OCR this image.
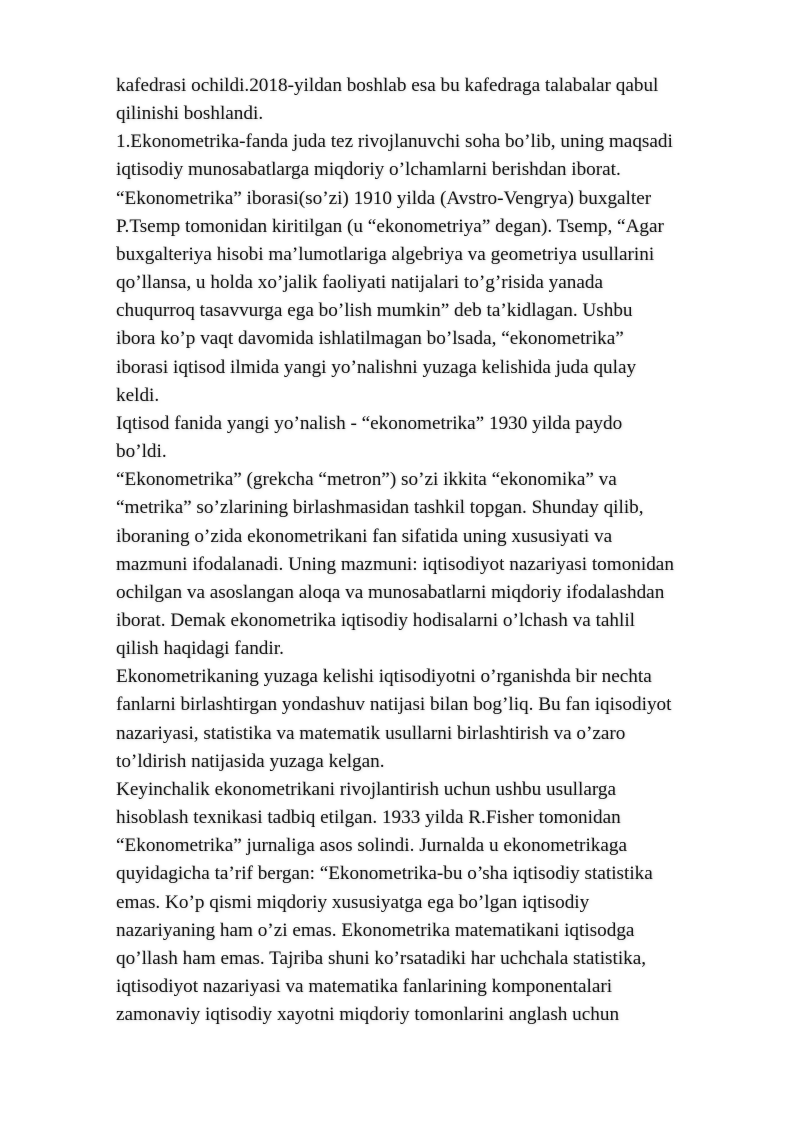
kafedrasi ochildi.2018-yildan boshlab esa bu kafedraga talabalar qabul
qilinishi boshlandi.
1.Ekonometrika-fanda juda tez rivojlanuvchi soha bo’lib, uning maqsadi
iqtisodiy munosabatlarga miqdoriy o’lchamlarni berishdan iborat.
“Ekonometrika” iborasi(so’zi) 1910 yilda (Avstro-Vengrya) buxgalter
P.Tsemp tomonidan kiritilgan (u “ekonometriya” degan). Tsemp, “Agar
buxgalteriya hisobi ma’lumotlariga algebriya va geometriya usullarini
qo’llansa, u holda xo’jalik faoliyati natijalari to’g’risida yanada
chuqurroq tasavvurga ega bo’lish mumkin” deb ta’kidlagan. Ushbu
ibora ko’p vaqt davomida ishlatilmagan bo’lsada, “ekonometrika”
iborasi iqtisod ilmida yangi yo’nalishni yuzaga kelishida juda qulay
keldi.
Iqtisod fanida yangi yo’nalish - “ekonometrika” 1930 yilda paydo
bo’ldi.
“Ekonometrika” (grekcha “metron”) so’zi ikkita “ekonomika” va
“metrika” so’zlarining birlashmasidan tashkil topgan. Shunday qilib,
iboraning o’zida ekonometrikani fan sifatida uning xususiyati va
mazmuni ifodalanadi. Uning mazmuni: iqtisodiyot nazariyasi tomonidan
ochilgan va asoslangan aloqa va munosabatlarni miqdoriy ifodalashdan
iborat. Demak ekonometrika iqtisodiy hodisalarni o’lchash va tahlil
qilish haqidagi fandir.
Ekonometrikaning yuzaga kelishi iqtisodiyotni o’rganishda bir nechta
fanlarni birlashtirgan yondashuv natijasi bilan bog’liq. Bu fan iqisodiyot
nazariyasi, statistika va matematik usullarni birlashtirish va o’zaro
to’ldirish natijasida yuzaga kelgan.
Keyinchalik ekonometrikani rivojlantirish uchun ushbu usullarga
hisoblash texnikasi tadbiq etilgan. 1933 yilda R.Fisher tomonidan
“Ekonometrika” jurnaliga asos solindi. Jurnalda u ekonometrikaga
quyidagicha ta’rif bergan: “Ekonometrika-bu o’sha iqtisodiy statistika
emas. Ko’p qismi miqdoriy xususiyatga ega bo’lgan iqtisodiy
nazariyaning ham o’zi emas. Ekonometrika matematikani iqtisodga
qo’llash ham emas. Tajriba shuni ko’rsatadiki har uchchala statistika,
iqtisodiyot nazariyasi va matematika fanlarining komponentalari
zamonaviy iqtisodiy xayotni miqdoriy tomonlarini anglash uchun
